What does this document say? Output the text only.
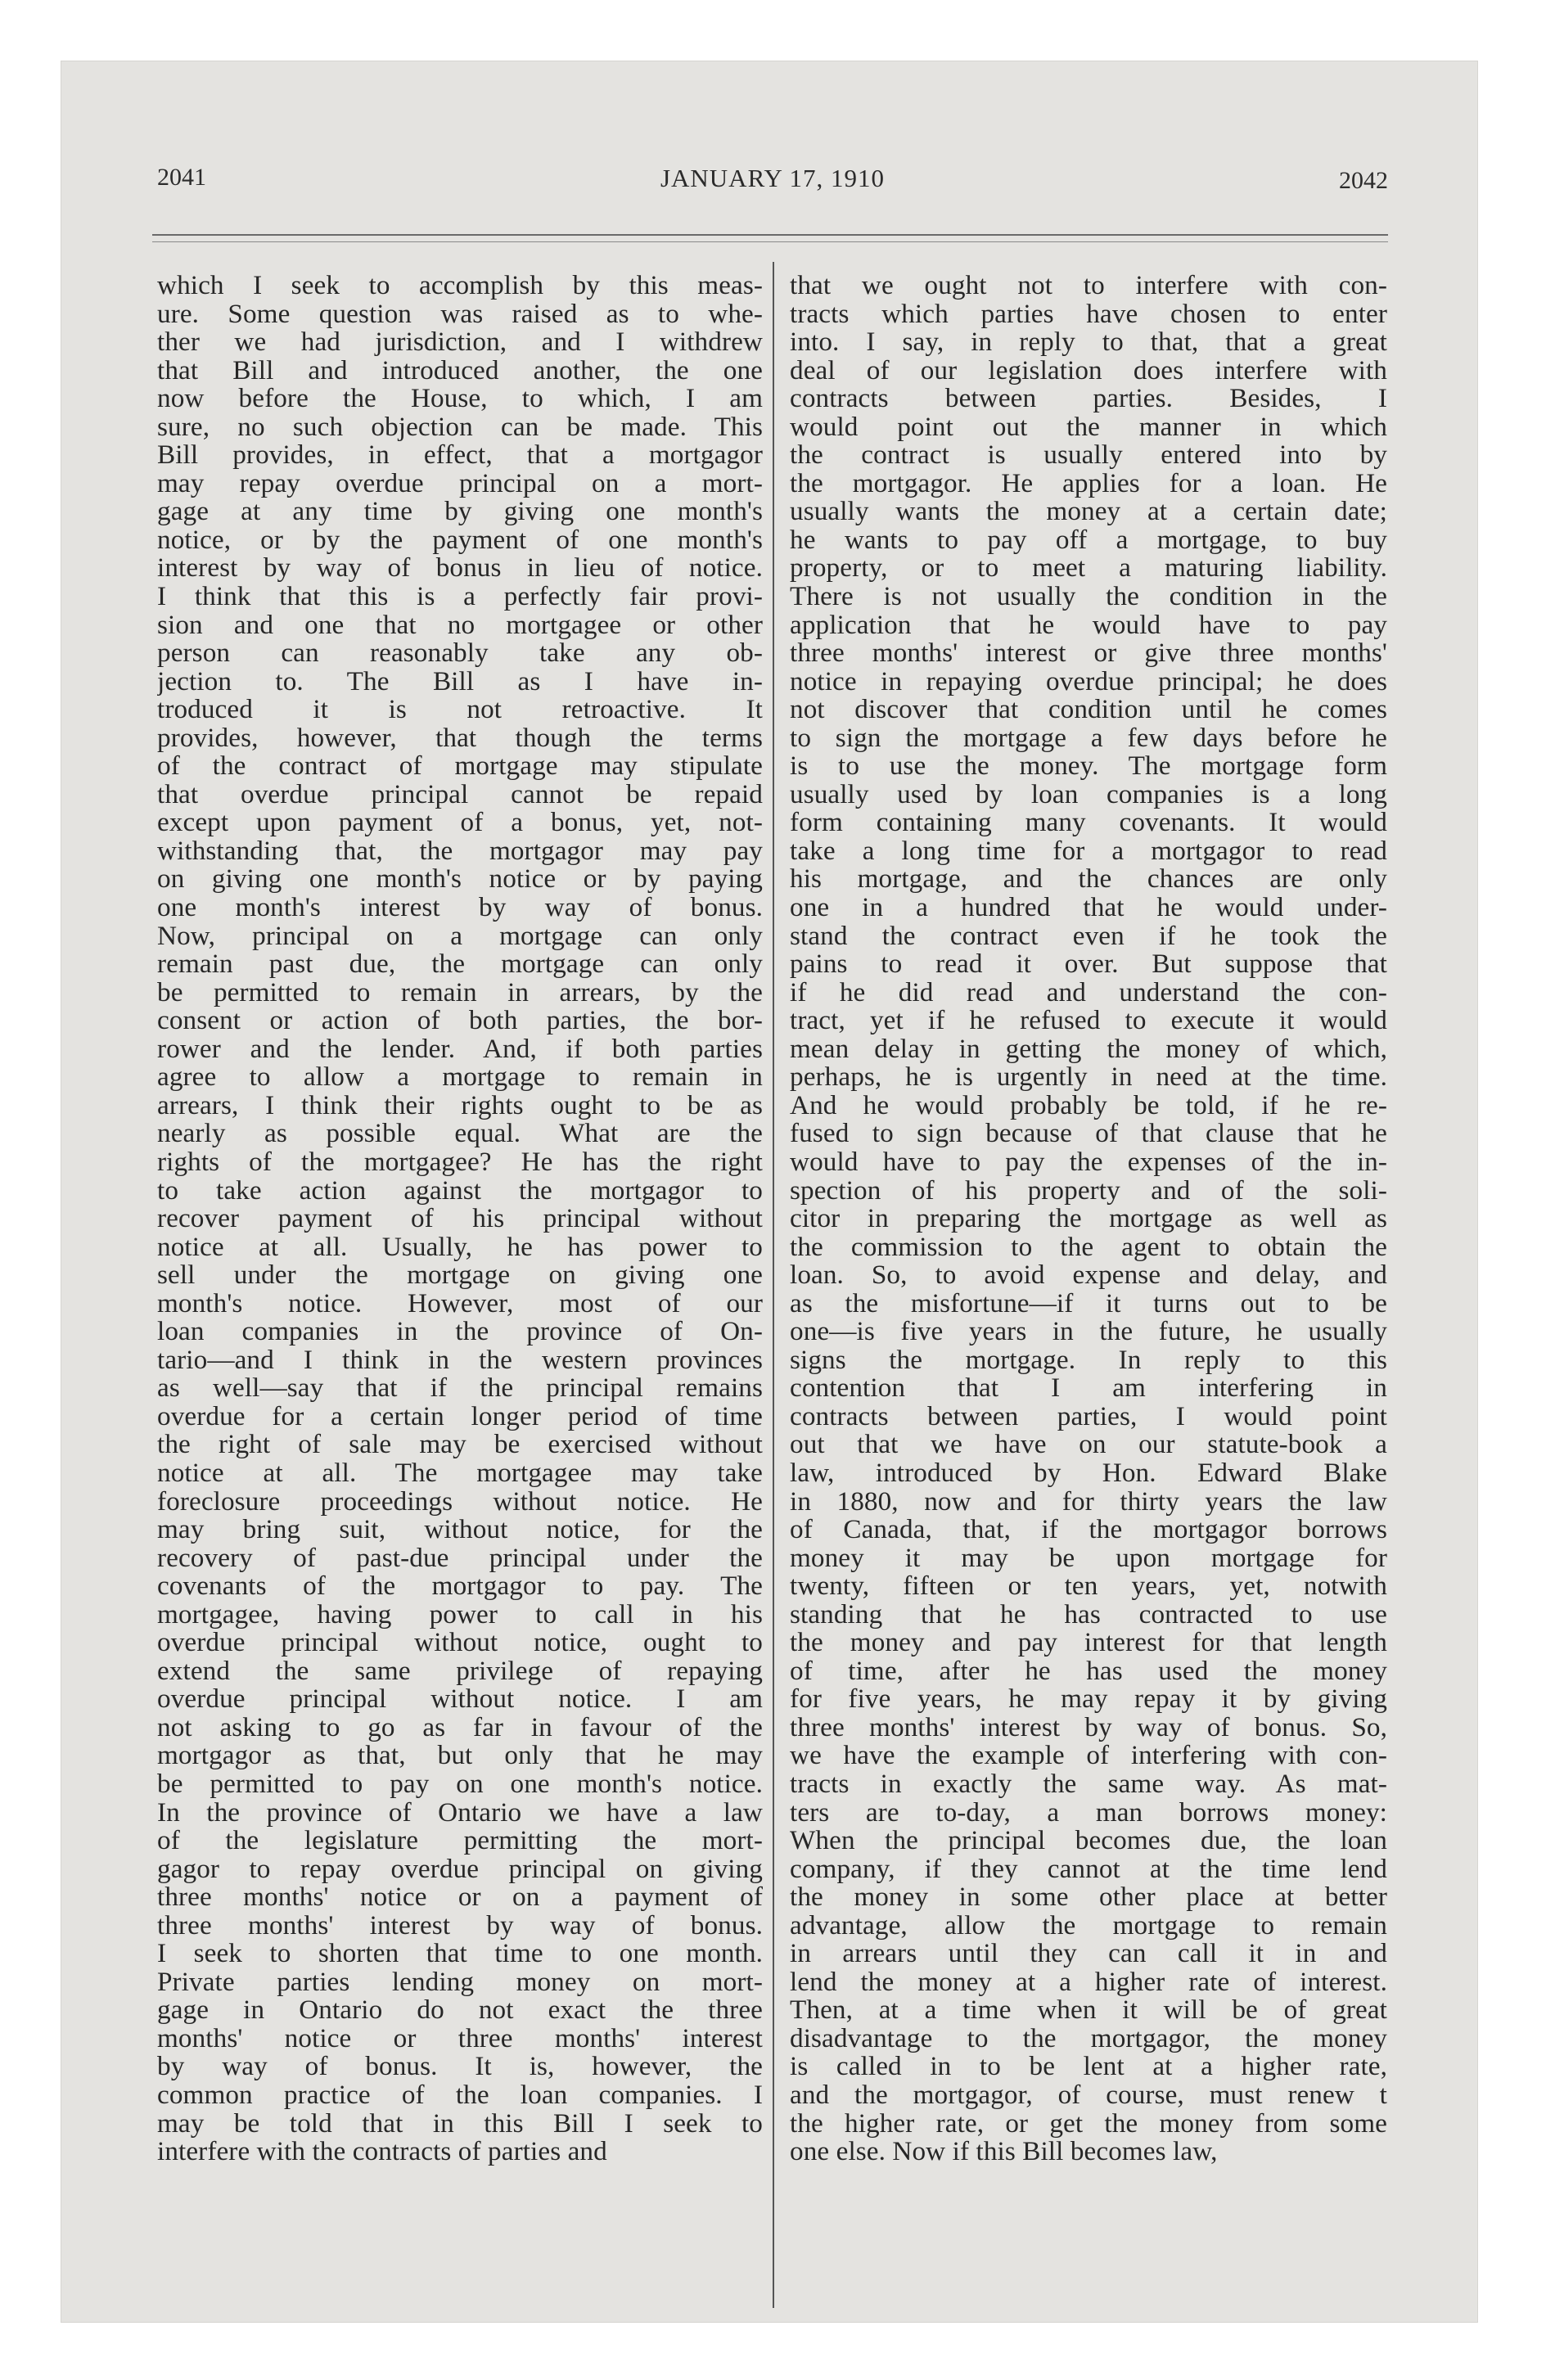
2041	JANUARY 17, 1910	2042
which I seek to accomplish by this meas-
ure. Some question was raised as to whe-
ther we had jurisdiction, and I withdrew
that Bill and introduced another, the one
now before the House, to which, I am
sure, no such objection can be made. This
Bill provides, in effect, that a mortgagor
may repay overdue principal on a mort-
gage at any time by giving one month's
notice, or by the payment of one month's
interest by way of bonus in lieu of notice.
I think that this is a perfectly fair provi-
sion and one that no mortgagee or other
person can reasonably take any ob-
jection to. The Bill as I have in-
troduced it is not retroactive. It
provides, however, that though the terms
of the contract of mortgage may stipulate
that overdue principal cannot be repaid
except upon payment of a bonus, yet, not-
withstanding that, the mortgagor may pay
on giving one month's notice or by paying
one month's interest by way of bonus.
Now, principal on a mortgage can only
remain past due, the mortgage can only
be permitted to remain in arrears, by the
consent or action of both parties, the bor-
rower and the lender. And, if both parties
agree to allow a mortgage to remain in
arrears, I think their rights ought to be as
nearly as possible equal. What are the
rights of the mortgagee? He has the right
to take action against the mortgagor to
recover payment of his principal without
notice at all. Usually, he has power to
sell under the mortgage on giving one
month's notice. However, most of our
loan companies in the province of On-
tario—and I think in the western provinces
as well—say that if the principal remains
overdue for a certain longer period of time
the right of sale may be exercised without
notice at all. The mortgagee may take
foreclosure proceedings without notice. He
may bring suit, without notice, for the
recovery of past-due principal under the
covenants of the mortgagor to pay. The
mortgagee, having power to call in his
overdue principal without notice, ought to
extend the same privilege of repaying
overdue principal without notice. I am
not asking to go as far in favour of the
mortgagor as that, but only that he may
be permitted to pay on one month's notice.
In the province of Ontario we have a law
of the legislature permitting the mort-
gagor to repay overdue principal on giving
three months' notice or on a payment of
three months' interest by way of bonus.
I seek to shorten that time to one month.
Private parties lending money on mort-
gage in Ontario do not exact the three
months' notice or three months' interest
by way of bonus. It is, however, the
common practice of the loan companies. I
may be told that in this Bill I seek to
interfere with the contracts of parties and
that we ought not to interfere with con-
tracts which parties have chosen to enter
into. I say, in reply to that, that a great
deal of our legislation does interfere with
contracts between parties. Besides, I
would point out the manner in which
the contract is usually entered into by
the mortgagor. He applies for a loan. He
usually wants the money at a certain date;
he wants to pay off a mortgage, to buy
property, or to meet a maturing liability.
There is not usually the condition in the
application that he would have to pay
three months' interest or give three months'
notice in repaying overdue principal; he does
not discover that condition until he comes
to sign the mortgage a few days before he
is to use the money. The mortgage form
usually used by loan companies is a long
form containing many covenants. It would
take a long time for a mortgagor to read
his mortgage, and the chances are only
one in a hundred that he would under-
stand the contract even if he took the
pains to read it over. But suppose that
if he did read and understand the con-
tract, yet if he refused to execute it would
mean delay in getting the money of which,
perhaps, he is urgently in need at the time.
And he would probably be told, if he re-
fused to sign because of that clause that he
would have to pay the expenses of the in-
spection of his property and of the soli-
citor in preparing the mortgage as well as
the commission to the agent to obtain the
loan. So, to avoid expense and delay, and
as the misfortune—if it turns out to be
one—is five years in the future, he usually
signs the mortgage. In reply to this
contention that I am interfering in
contracts between parties, I would point
out that we have on our statute-book a
law, introduced by Hon. Edward Blake
in 1880, now and for thirty years the law
of Canada, that, if the mortgagor borrows
money it may be upon mortgage for
twenty, fifteen or ten years, yet, notwith
standing that he has contracted to use
the money and pay interest for that length
of time, after he has used the money
for five years, he may repay it by giving
three months' interest by way of bonus. So,
we have the example of interfering with con-
tracts in exactly the same way. As mat-
ters are to-day, a man borrows money:
When the principal becomes due, the loan
company, if they cannot at the time lend
the money in some other place at better
advantage, allow the mortgage to remain
in arrears until they can call it in and
lend the money at a higher rate of interest.
Then, at a time when it will be of great
disadvantage to the mortgagor, the money
is called in to be lent at a higher rate,
and the mortgagor, of course, must renew t
the higher rate, or get the money from some
one else. Now if this Bill becomes law,
